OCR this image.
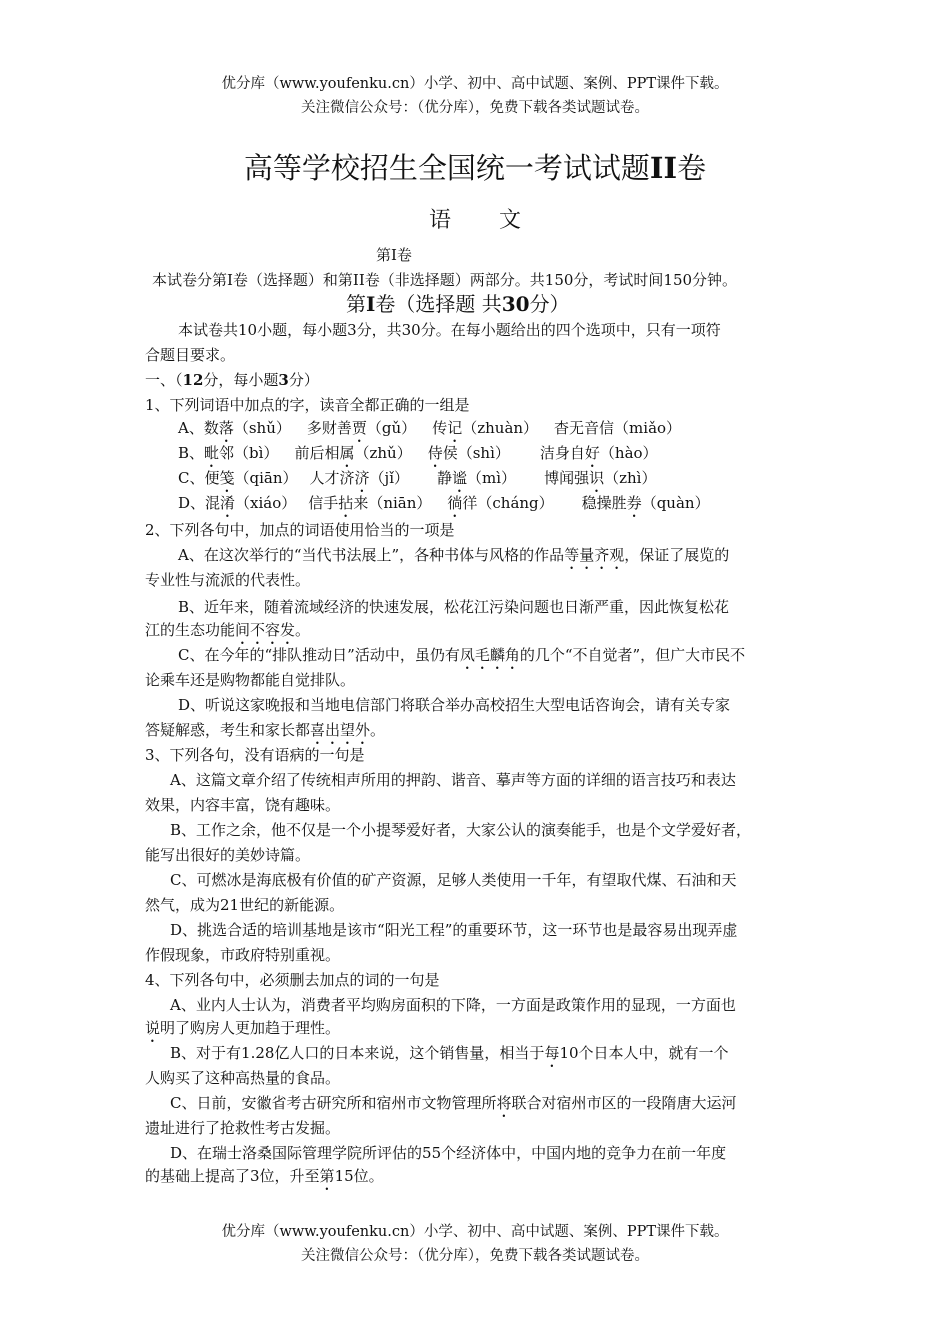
优分库（www.youfenku.cn）小学、初中、高中试题、案例、PPT课件下载。
关注微信公众号：（优分库），免费下载各类试题试卷。
高等学校招生全国统一考试试题II卷
语 文
第Ⅰ卷
本试卷分第I卷（选择题）和第II卷（非选择题）两部分。共150分，考试时间150分钟。
第I卷（选择题 共30分）
本试卷共10小题，每小题3分，共30分。在每小题给出的四个选项中，只有一项符
合题目要求。
一、（12分，每小题3分）
1、下列词语中加点的字，读音全都正确的一组是
A、数落（shǔ） 多财善贾（gǔ） 传记（zhuàn） 杳无音信（miǎo）
B、毗邻（bì） 前后相属（zhǔ） 侍侯（shì） 洁身自好（hào）
C、便笺（qiān） 人才济济（jǐ） 静谧（mì） 博闻强识（zhì）
D、混淆（xiáo） 信手拈来（niān） 徜徉（cháng） 稳操胜券（quàn）
2、下列各句中，加点的词语使用恰当的一项是
A、在这次举行的“当代书法展上”，各种书体与风格的作品等量齐观，保证了展览的
专业性与流派的代表性。
B、近年来，随着流域经济的快速发展，松花江污染问题也日渐严重，因此恢复松花
江的生态功能间不容发。
C、在今年的“排队推动日”活动中，虽仍有凤毛麟角的几个“不自觉者”，但广大市民不
论乘车还是购物都能自觉排队。
D、听说这家晚报和当地电信部门将联合举办高校招生大型电话咨询会，请有关专家
答疑解惑，考生和家长都喜出望外。
3、下列各句，没有语病的一句是
A、这篇文章介绍了传统相声所用的押韵、谐音、摹声等方面的详细的语言技巧和表达
效果，内容丰富，饶有趣味。
B、工作之余，他不仅是一个小提琴爱好者，大家公认的演奏能手，也是个文学爱好者，
能写出很好的美妙诗篇。
C、可燃冰是海底极有价值的矿产资源，足够人类使用一千年，有望取代煤、石油和天
然气，成为21世纪的新能源。
D、挑选合适的培训基地是该市“阳光工程”的重要环节，这一环节也是最容易出现弄虚
作假现象，市政府特别重视。
4、下列各句中，必须删去加点的词的一句是
A、业内人士认为，消费者平均购房面积的下降，一方面是政策作用的显现，一方面也
说明了购房人更加趋于理性。
B、对于有1.28亿人口的日本来说，这个销售量，相当于每10个日本人中，就有一个
人购买了这种高热量的食品。
C、日前，安徽省考古研究所和宿州市文物管理所将联合对宿州市区的一段隋唐大运河
遗址进行了抢救性考古发掘。
D、在瑞士洛桑国际管理学院所评估的55个经济体中，中国内地的竞争力在前一年度
的基础上提高了3位，升至第15位。
优分库（www.youfenku.cn）小学、初中、高中试题、案例、PPT课件下载。
关注微信公众号：（优分库），免费下载各类试题试卷。
